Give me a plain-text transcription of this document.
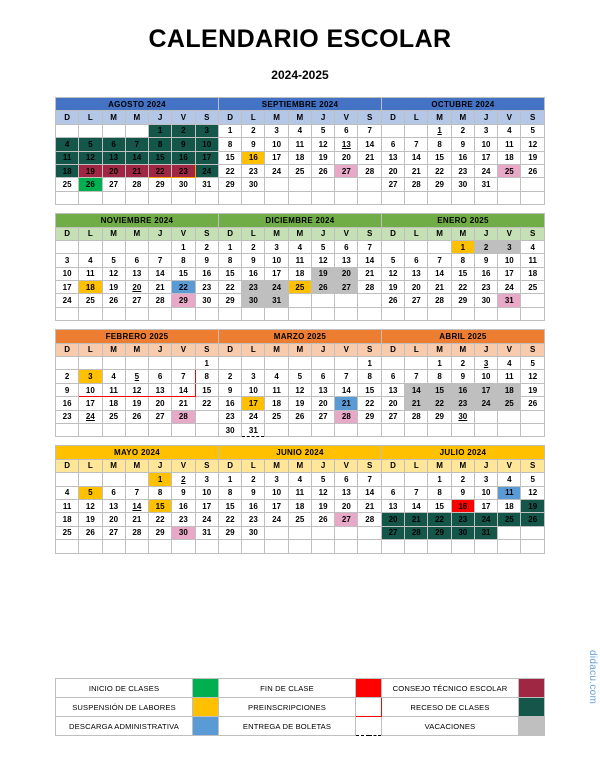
CALENDARIO ESCOLAR
2024-2025
didacu.com
AGOSTO 2024							SEPTIEMBRE 2024							OCTUBRE 2024						
D	L	M	M	J	V	S	D	L	M	M	J	V	S	D	L	M	M	J	V	S
				1	2	3	1	2	3	4	5	6	7			1	2	3	4	5
4	5	6	7	8	9	10	8	9	10	11	12	13	14	6	7	8	9	10	11	12
11	12	13	14	15	16	17	15	16	17	18	19	20	21	13	14	15	16	17	18	19
18	19	20	21	22	23	24	22	23	24	25	26	27	28	20	21	22	23	24	25	26
25	26	27	28	29	30	31	29	30						27	28	29	30	31		

NOVIEMBRE 2024							DICIEMBRE 2024							ENERO 2025						
D	L	M	M	J	V	S	D	L	M	M	J	V	S	D	L	M	M	J	V	S
					1	2	1	2	3	4	5	6	7				1	2	3	4
3	4	5	6	7	8	9	8	9	10	11	12	13	14	5	6	7	8	9	10	11
10	11	12	13	14	15	16	15	16	17	18	19	20	21	12	13	14	15	16	17	18
17	18	19	20	21	22	23	22	23	24	25	26	27	28	19	20	21	22	23	24	25
24	25	26	27	28	29	30	29	30	31					26	27	28	29	30	31	

FEBRERO 2025							MARZO 2025							ABRIL 2025						
D	L	M	M	J	V	S	D	L	M	M	J	V	S	D	L	M	M	J	V	S
						1							1			1	2	3	4	5
2	3	4	5	6	7	8	2	3	4	5	6	7	8	6	7	8	9	10	11	12
9	10	11	12	13	14	15	9	10	11	12	13	14	15	13	14	15	16	17	18	19
16	17	18	19	20	21	22	16	17	18	19	20	21	22	20	21	22	23	24	25	26
23	24	25	26	27	28		23	24	25	26	27	28	29	27	28	29	30			
							30	31												
MAYO 2024							JUNIO 2024							JULIO 2024						
D	L	M	M	J	V	S	D	L	M	M	J	V	S	D	L	M	M	J	V	S
				1	2	3	1	2	3	4	5	6	7			1	2	3	4	5
4	5	6	7	8	9	10	8	9	10	11	12	13	14	6	7	8	9	10	11	12
11	12	13	14	15	16	17	15	16	17	18	19	20	21	13	14	15	16	17	18	19
18	19	20	21	22	23	24	22	23	24	25	26	27	28	20	21	22	23	24	25	26
25	26	27	28	29	30	31	29	30						27	28	29	30	31		

INICIO DE CLASES		FIN DE CLASE		CONSEJO TÉCNICO ESCOLAR	
SUSPENSIÓN DE LABORES		PREINSCRIPCIONES		RECESO DE CLASES	
DESCARGA ADMINISTRATIVA		ENTREGA DE BOLETAS		VACACIONES	
